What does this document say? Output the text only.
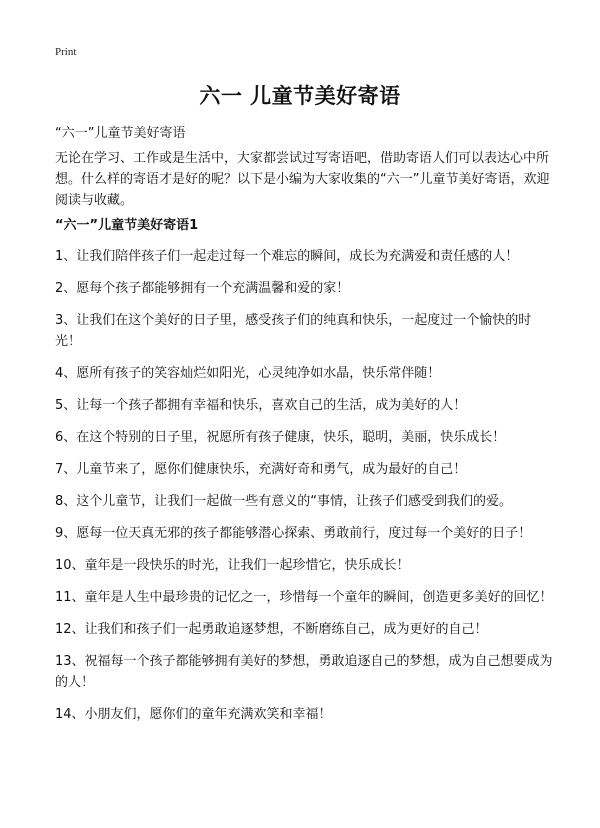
Print
六一 儿童节美好寄语

“六一”儿童节美好寄语

无论在学习、工作或是生活中，大家都尝试过写寄语吧，借助寄语人们可以表达心中所想。什么样的寄语才是好的呢？以下是小编为大家收集的“六一”儿童节美好寄语，欢迎阅读与收藏。

“六一”儿童节美好寄语1

1、让我们陪伴孩子们一起走过每一个难忘的瞬间，成长为充满爱和责任感的人！
2、愿每个孩子都能够拥有一个充满温馨和爱的家！
3、让我们在这个美好的日子里，感受孩子们的纯真和快乐，一起度过一个愉快的时光！
4、愿所有孩子的笑容灿烂如阳光，心灵纯净如水晶，快乐常伴随！
5、让每一个孩子都拥有幸福和快乐，喜欢自己的生活，成为美好的人！
6、在这个特别的日子里，祝愿所有孩子健康，快乐，聪明，美丽，快乐成长！
7、儿童节来了，愿你们健康快乐，充满好奇和勇气，成为最好的自己！
8、这个儿童节，让我们一起做一些有意义的“事情，让孩子们感受到我们的爱。
9、愿每一位天真无邪的孩子都能够潜心探索、勇敢前行，度过每一个美好的日子！
10、童年是一段快乐的时光，让我们一起珍惜它，快乐成长！
11、童年是人生中最珍贵的记忆之一，珍惜每一个童年的瞬间，创造更多美好的回忆！
12、让我们和孩子们一起勇敢追逐梦想，不断磨练自己，成为更好的自己！
13、祝福每一个孩子都能够拥有美好的梦想，勇敢追逐自己的梦想，成为自己想要成为的人！
14、小朋友们，愿你们的童年充满欢笑和幸福！
